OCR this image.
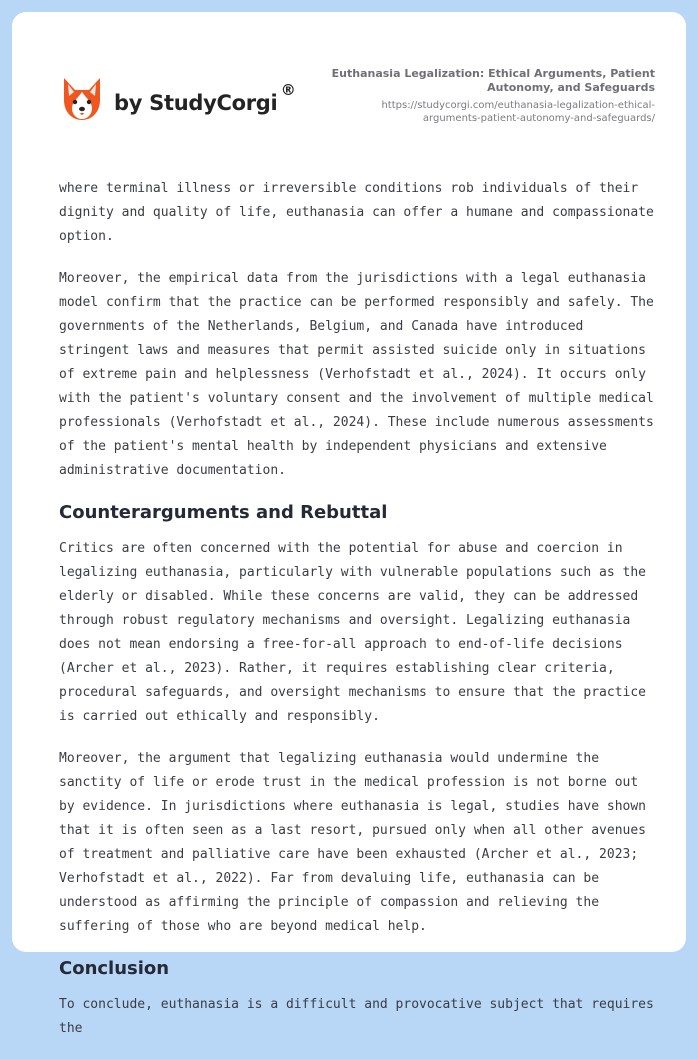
by StudyCorgi
®
Euthanasia Legalization: Ethical Arguments, Patient Autonomy, and Safeguards
https://studycorgi.com/euthanasia-legalization-ethical-arguments-patient-autonomy-and-safeguards/

where terminal illness or irreversible conditions rob individuals of their dignity and quality of life, euthanasia can offer a humane and compassionate option.

Moreover, the empirical data from the jurisdictions with a legal euthanasia model confirm that the practice can be performed responsibly and safely. The governments of the Netherlands, Belgium, and Canada have introduced stringent laws and measures that permit assisted suicide only in situations of extreme pain and helplessness (Verhofstadt et al., 2024). It occurs only with the patient's voluntary consent and the involvement of multiple medical professionals (Verhofstadt et al., 2024). These include numerous assessments of the patient's mental health by independent physicians and extensive administrative documentation.

Counterarguments and Rebuttal

Critics are often concerned with the potential for abuse and coercion in legalizing euthanasia, particularly with vulnerable populations such as the elderly or disabled. While these concerns are valid, they can be addressed through robust regulatory mechanisms and oversight. Legalizing euthanasia does not mean endorsing a free-for-all approach to end-of-life decisions (Archer et al., 2023). Rather, it requires establishing clear criteria, procedural safeguards, and oversight mechanisms to ensure that the practice is carried out ethically and responsibly.

Moreover, the argument that legalizing euthanasia would undermine the sanctity of life or erode trust in the medical profession is not borne out by evidence. In jurisdictions where euthanasia is legal, studies have shown that it is often seen as a last resort, pursued only when all other avenues of treatment and palliative care have been exhausted (Archer et al., 2023; Verhofstadt et al., 2022). Far from devaluing life, euthanasia can be understood as affirming the principle of compassion and relieving the suffering of those who are beyond medical help.

Conclusion

To conclude, euthanasia is a difficult and provocative subject that requires the
